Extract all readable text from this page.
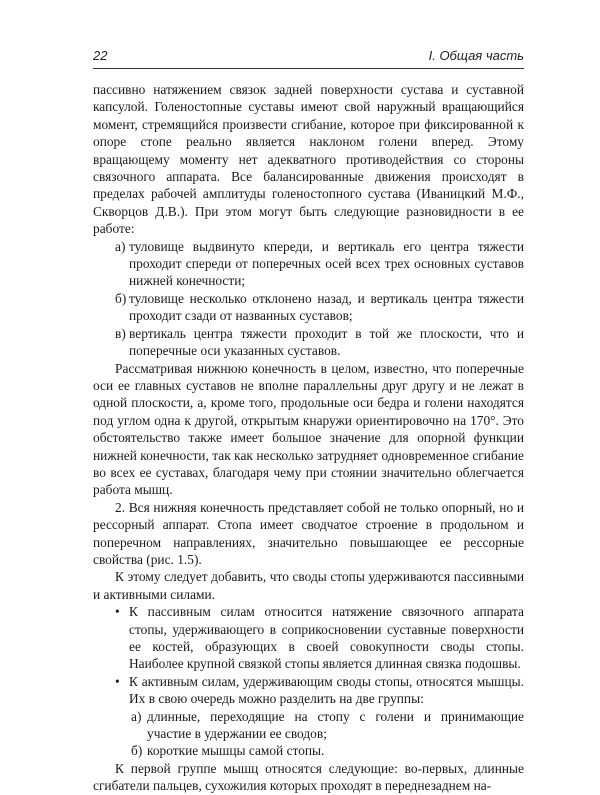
22	I. Общая часть

пассивно натяжением связок задней поверхности сустава и суставной капсулой. Голеностопные суставы имеют свой наружный вращающийся момент, стремящийся произвести сгибание, которое при фиксированной к опоре стопе реально является наклоном голени вперед. Этому вращающему моменту нет адекватного противодействия со стороны связочного аппарата. Все балансированные движения происходят в пределах рабочей амплитуды голеностопного сустава (Иваницкий М.Ф., Скворцов Д.В.). При этом могут быть следующие разновидности в ее работе:

а) туловище выдвинуто кпереди, и вертикаль его центра тяжести проходит спереди от поперечных осей всех трех основных суставов нижней конечности;
б) туловище несколько отклонено назад, и вертикаль центра тяжести проходит сзади от названных суставов;
в) вертикаль центра тяжести проходит в той же плоскости, что и поперечные оси указанных суставов.

Рассматривая нижнюю конечность в целом, известно, что поперечные оси ее главных суставов не вполне параллельны друг другу и не лежат в одной плоскости, а, кроме того, продольные оси бедра и голени находятся под углом одна к другой, открытым кнаружи ориентировочно на 170°. Это обстоятельство также имеет большое значение для опорной функции нижней конечности, так как несколько затрудняет одновременное сгибание во всех ее суставах, благодаря чему при стоянии значительно облегчается работа мышц.

2. Вся нижняя конечность представляет собой не только опорный, но и рессорный аппарат. Стопа имеет сводчатое строение в продольном и поперечном направлениях, значительно повышающее ее рессорные свойства (рис. 1.5).

К этому следует добавить, что своды стопы удерживаются пассивными и активными силами.

• К пассивным силам относится натяжение связочного аппарата стопы, удерживающего в соприкосновении суставные поверхности ее костей, образующих в своей совокупности своды стопы. Наиболее крупной связкой стопы является длинная связка подошвы.
• К активным силам, удерживающим своды стопы, относятся мышцы. Их в свою очередь можно разделить на две группы:
а) длинные, переходящие на стопу с голени и принимающие участие в удержании ее сводов;
б) короткие мышцы самой стопы.

К первой группе мышц относятся следующие: во-первых, длинные сгибатели пальцев, сухожилия которых проходят в переднезаднем на-
